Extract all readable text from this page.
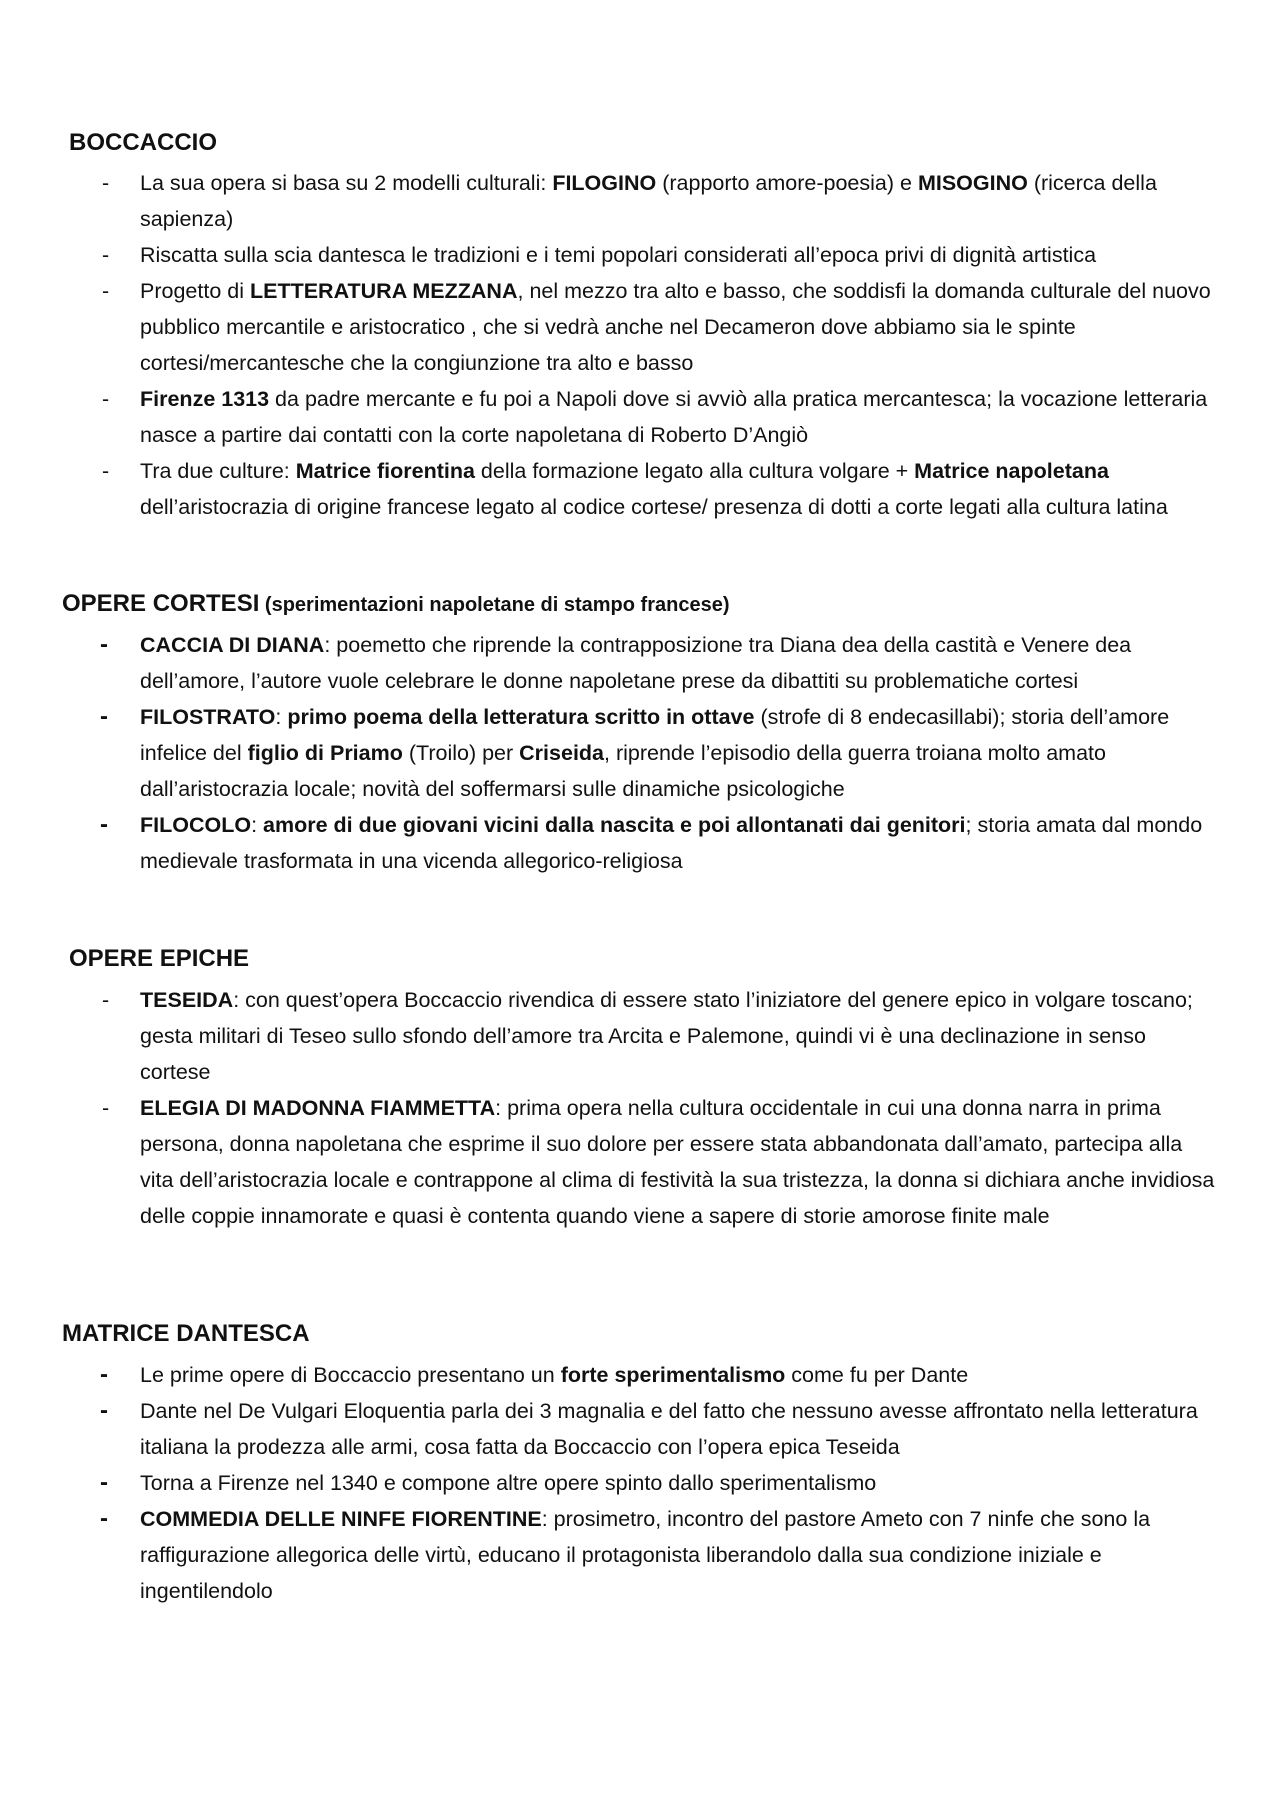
BOCCACCIO
-	La sua opera si basa su 2 modelli culturali: FILOGINO (rapporto amore-poesia) e MISOGINO (ricerca della sapienza)
-	Riscatta sulla scia dantesca le tradizioni e i temi popolari considerati all’epoca privi di dignità artistica
-	Progetto di LETTERATURA MEZZANA, nel mezzo tra alto e basso, che soddisfi la domanda culturale del nuovo pubblico mercantile e aristocratico , che si vedrà anche nel Decameron dove abbiamo sia le spinte cortesi/mercantesche che la congiunzione tra alto e basso
-	Firenze 1313 da padre mercante e fu poi a Napoli dove si avviò alla pratica mercantesca; la vocazione letteraria nasce a partire dai contatti con la corte napoletana di Roberto D’Angiò
-	Tra due culture: Matrice fiorentina della formazione legato alla cultura volgare + Matrice napoletana dell’aristocrazia di origine francese legato al codice cortese/ presenza di dotti a corte legati alla cultura latina
OPERE CORTESI (sperimentazioni napoletane di stampo francese)
- CACCIA DI DIANA: poemetto che riprende la contrapposizione tra Diana dea della castità e Venere dea dell’amore, l’autore vuole celebrare le donne napoletane prese da dibattiti su problematiche cortesi
- FILOSTRATO: primo poema della letteratura scritto in ottave (strofe di 8 endecasillabi); storia dell’amore infelice del figlio di Priamo (Troilo) per Criseida, riprende l’episodio della guerra troiana molto amato dall’aristocrazia locale; novità del soffermarsi sulle dinamiche psicologiche
- FILOCOLO: amore di due giovani vicini dalla nascita e poi allontanati dai genitori; storia amata dal mondo medievale trasformata in una vicenda allegorico-religiosa
OPERE EPICHE
-	TESEIDA: con quest’opera Boccaccio rivendica di essere stato l’iniziatore del genere epico in volgare toscano; gesta militari di Teseo sullo sfondo dell’amore tra Arcita e Palemone, quindi vi è una declinazione in senso cortese
-	ELEGIA DI MADONNA FIAMMETTA: prima opera nella cultura occidentale in cui una donna narra in prima persona, donna napoletana che esprime il suo dolore per essere stata abbandonata dall’amato, partecipa alla vita dell’aristocrazia locale e contrappone al clima di festività la sua tristezza, la donna si dichiara anche invidiosa delle coppie innamorate e quasi è contenta quando viene a sapere di storie amorose finite male
MATRICE DANTESCA
- Le prime opere di Boccaccio presentano un forte sperimentalismo come fu per Dante
- Dante nel De Vulgari Eloquentia parla dei 3 magnalia e del fatto che nessuno avesse affrontato nella letteratura italiana la prodezza alle armi, cosa fatta da Boccaccio con l’opera epica Teseida
- Torna a Firenze nel 1340 e compone altre opere spinto dallo sperimentalismo
- COMMEDIA DELLE NINFE FIORENTINE: prosimetro, incontro del pastore Ameto con 7 ninfe che sono la raffigurazione allegorica delle virtù, educano il protagonista liberandolo dalla sua condizione iniziale e ingentilendolo
